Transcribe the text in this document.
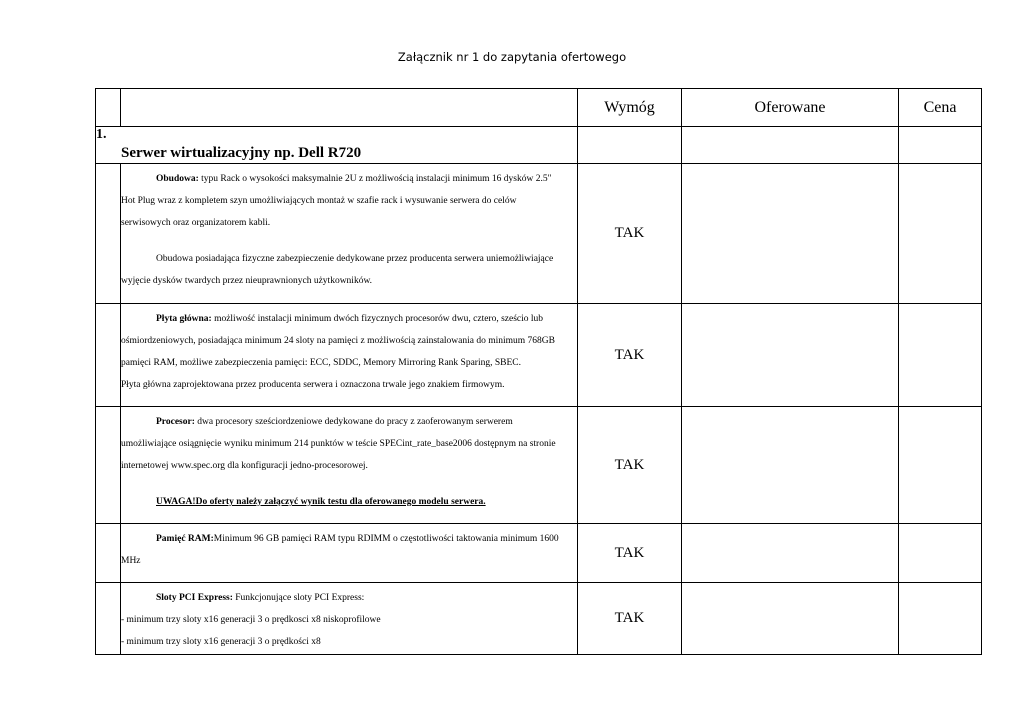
Załącznik nr 1 do zapytania ofertowego
		Wymóg	Oferowane	Cena

1.
Serwer wirtualizacyjny np. Dell R720				

	Obudowa: typu Rack o wysokości maksymalnie 2U z możliwością instalacji minimum 16 dysków 2.5"
Hot Plug wraz z kompletem szyn umożliwiających montaż w szafie rack i wysuwanie serwera do celów
serwisowych oraz organizatorem kabli.
Obudowa posiadająca fizyczne zabezpieczenie dedykowane przez producenta serwera uniemożliwiające
wyjęcie dysków twardych przez nieuprawnionych użytkowników.	TAK		

	Płyta główna: możliwość instalacji minimum dwóch fizycznych procesorów dwu, cztero, sześcio lub
ośmiordzeniowych, posiadająca minimum 24 sloty na pamięci z możliwością zainstalowania do minimum 768GB
pamięci RAM, możliwe zabezpieczenia pamięci: ECC, SDDC, Memory Mirroring Rank Sparing, SBEC.
Płyta główna zaprojektowana przez producenta serwera i oznaczona trwale jego znakiem firmowym.	TAK		

	Procesor: dwa procesory sześciordzeniowe dedykowane do pracy z zaoferowanym serwerem
umożliwiające osiągnięcie wyniku minimum 214 punktów w teście SPECint_rate_base2006 dostępnym na stronie
internetowej www.spec.org dla konfiguracji jedno-procesorowej.
UWAGA!Do oferty należy załączyć wynik testu dla oferowanego modelu serwera.	TAK		

	Pamięć RAM:Minimum 96 GB pamięci RAM typu RDIMM o częstotliwości taktowania minimum 1600
MHz	TAK		

	Sloty PCI Express: Funkcjonujące sloty PCI Express:
- minimum trzy sloty x16 generacji 3 o prędkosci x8 niskoprofilowe
- minimum trzy sloty x16 generacji 3 o prędkości x8	TAK		
